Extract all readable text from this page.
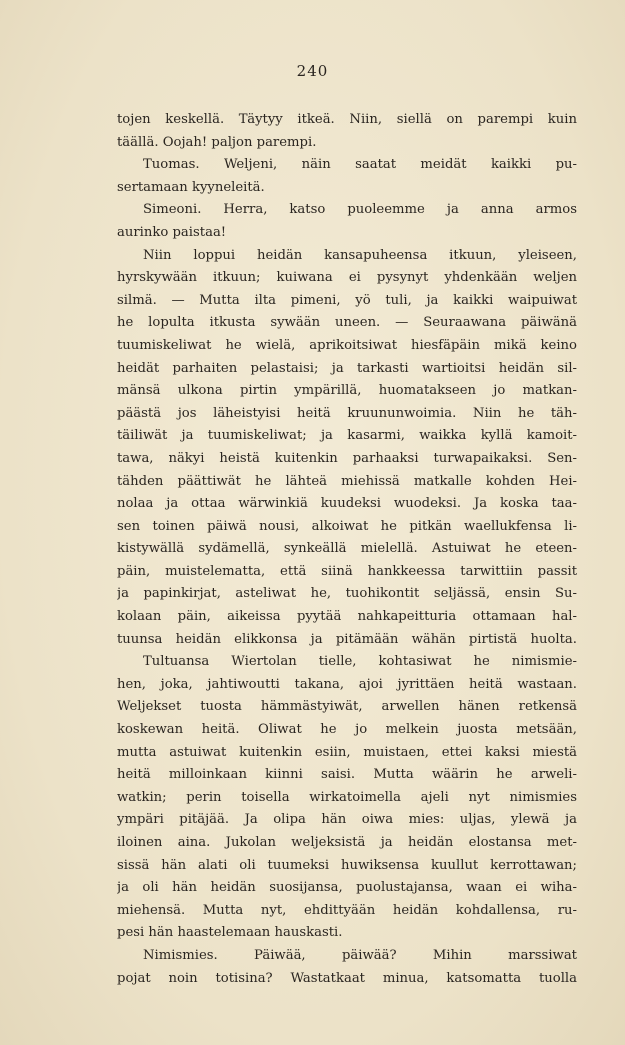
240
tojen keskellä. Täytyy itkeä. Niin, siellä on parempi kuin
täällä. Oojah! paljon parempi.
Tuomas. Weljeni, näin saatat meidät kaikki pu-
sertamaan kyyneleitä.
Simeoni. Herra, katso puoleemme ja anna armos
aurinko paistaa!
Niin loppui heidän kansapuheensa itkuun, yleiseen,
hyrskywään itkuun; kuiwana ei pysynyt yhdenkään weljen
silmä. — Mutta ilta pimeni, yö tuli, ja kaikki waipuiwat
he lopulta itkusta sywään uneen. — Seuraawana päiwänä
tuumiskeliwat he wielä, aprikoitsiwat hiesfäpäin mikä keino
heidät parhaiten pelastaisi; ja tarkasti wartioitsi heidän sil-
mänsä ulkona pirtin ympärillä, huomatakseen jo matkan-
päästä jos läheistyisi heitä kruununwoimia. Niin he täh-
täiliwät ja tuumiskeliwat; ja kasarmi, waikka kyllä kamoit-
tawa, näkyi heistä kuitenkin parhaaksi turwapaikaksi. Sen-
tähden päättiwät he lähteä miehissä matkalle kohden Hei-
nolaa ja ottaa wärwinkiä kuudeksi wuodeksi. Ja koska taa-
sen toinen päiwä nousi, alkoiwat he pitkän waellukfensa li-
kistywällä sydämellä, synkeällä mielellä. Astuiwat he eteen-
päin, muistelematta, että siinä hankkeessa tarwittiin passit
ja papinkirjat, asteliwat he, tuohikontit seljässä, ensin Su-
kolaan päin, aikeissa pyytää nahkapeitturia ottamaan hal-
tuunsa heidän elikkonsa ja pitämään wähän pirtistä huolta.
Tultuansa Wiertolan tielle, kohtasiwat he nimismie-
hen, joka, jahtiwoutti takana, ajoi jyrittäen heitä wastaan.
Weljekset tuosta hämmästyiwät, arwellen hänen retkensä
koskewan heitä. Oliwat he jo melkein juosta metsään,
mutta astuiwat kuitenkin esiin, muistaen, ettei kaksi miestä
heitä milloinkaan kiinni saisi. Mutta wäärin he arweli-
watkin; perin toisella wirkatoimella ajeli nyt nimismies
ympäri pitäjää. Ja olipa hän oiwa mies: uljas, ylewä ja
iloinen aina. Jukolan weljeksistä ja heidän elostansa met-
sissä hän alati oli tuumeksi huwiksensa kuullut kerrottawan;
ja oli hän heidän suosijansa, puolustajansa, waan ei wiha-
miehensä. Mutta nyt, ehdittyään heidän kohdallensa, ru-
pesi hän haastelemaan hauskasti.
Nimismies. Päiwää, päiwää? Mihin marssiwat
pojat noin totisina? Wastatkaat minua, katsomatta tuolla
